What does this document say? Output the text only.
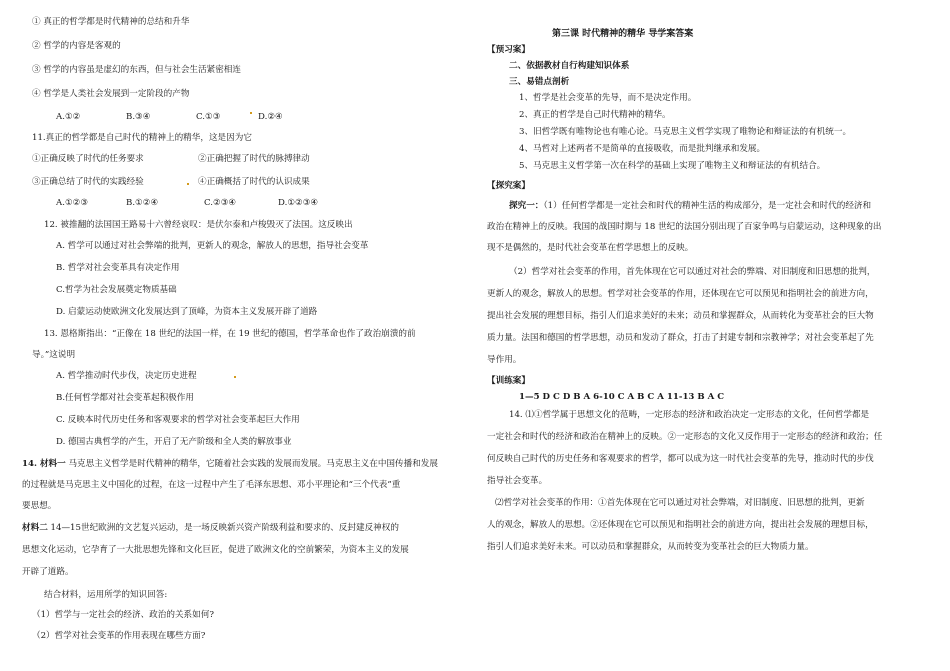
① 真正的哲学都是时代精神的总结和升华
② 哲学的内容是客观的
③ 哲学的内容虽是虚幻的东西，但与社会生活紧密相连
④ 哲学是人类社会发展到一定阶段的产物
A.①②	B.③④	C.①③	D.②④
11.真正的哲学都是自己时代的精神上的精华，这是因为它
①正确反映了时代的任务要求	②正确把握了时代的脉搏律动
③正确总结了时代的实践经验	④正确概括了时代的认识成果
A.①②③	B.①②④	C.②③④	D.①②③④
12. 被推翻的法国国王路易十六曾经哀叹：是伏尔泰和卢梭毁灭了法国。这反映出
A. 哲学可以通过对社会弊端的批判，更新人的观念，解放人的思想，指导社会变革
B. 哲学对社会变革具有决定作用
C.哲学为社会发展奠定物质基础
D. 启蒙运动使欧洲文化发展达到了顶峰，为资本主义发展开辟了道路
13. 恩格斯指出：“正像在 18 世纪的法国一样，在 19 世纪的德国，哲学革命也作了政治崩溃的前
导。”这说明
A. 哲学推动时代步伐，决定历史进程
B.任何哲学都对社会变革起积极作用
C. 反映本时代历史任务和客观要求的哲学对社会变革起巨大作用
D. 德国古典哲学的产生，开启了无产阶级和全人类的解放事业
14. 材料一 马克思主义哲学是时代精神的精华，它随着社会实践的发展而发展。马克思主义在中国传播和发展
的过程就是马克思主义中国化的过程，在这一过程中产生了毛泽东思想、邓小平理论和“三个代表”重
要思想。
材料二 14—15世纪欧洲的文艺复兴运动，是一场反映新兴资产阶级利益和要求的、反封建反神权的
思想文化运动，它孕育了一大批思想先锋和文化巨匠，促进了欧洲文化的空前繁荣，为资本主义的发展
开辟了道路。
结合材料，运用所学的知识回答:
（1）哲学与一定社会的经济、政治的关系如何?
（2）哲学对社会变革的作用表现在哪些方面?
第三课 时代精神的精华 导学案答案
【预习案】
二、依据教材自行构建知识体系
三、易错点剖析
1、哲学是社会变革的先导，而不是决定作用。
2、真正的哲学是自己时代精神的精华。
3、旧哲学既有唯物论也有唯心论。马克思主义哲学实现了唯物论和辩证法的有机统一。
4、马哲对上述两者不是简单的直接吸收，而是批判继承和发展。
5、马克思主义哲学第一次在科学的基础上实现了唯物主义和辩证法的有机结合。
【探究案】
探究一：（1）任何哲学都是一定社会和时代的精神生活的构成部分，是一定社会和时代的经济和
政治在精神上的反映。我国的战国时期与 18 世纪的法国分别出现了百家争鸣与启蒙运动，这种现象的出
现不是偶然的，是时代社会变革在哲学思想上的反映。
（2）哲学对社会变革的作用，首先体现在它可以通过对社会的弊端、对旧制度和旧思想的批判，
更新人的观念，解放人的思想。哲学对社会变革的作用，还体现在它可以预见和指明社会的前进方向，
提出社会发展的理想目标，指引人们追求美好的未来；动员和掌握群众，从而转化为变革社会的巨大物
质力量。法国和德国的哲学思想，动员和发动了群众，打击了封建专制和宗教神学；对社会变革起了先
导作用。
【训练案】
1—5 D C D B A 6-10 C A B C A 11-13 B A C
14. ⑴①哲学属于思想文化的范畴，一定形态的经济和政治决定一定形态的文化，任何哲学都是
一定社会和时代的经济和政治在精神上的反映。②一定形态的文化又反作用于一定形态的经济和政治；任
何反映自己时代的历史任务和客观要求的哲学，都可以成为这一时代社会变革的先导，推动时代的步伐
指导社会变革。
⑵哲学对社会变革的作用：①首先体现在它可以通过对社会弊端，对旧制度、旧思想的批判，更新
人的观念，解放人的思想。②还体现在它可以预见和指明社会的前进方向，提出社会发展的理想目标，
指引人们追求美好未来。可以动员和掌握群众，从而转变为变革社会的巨大物质力量。
